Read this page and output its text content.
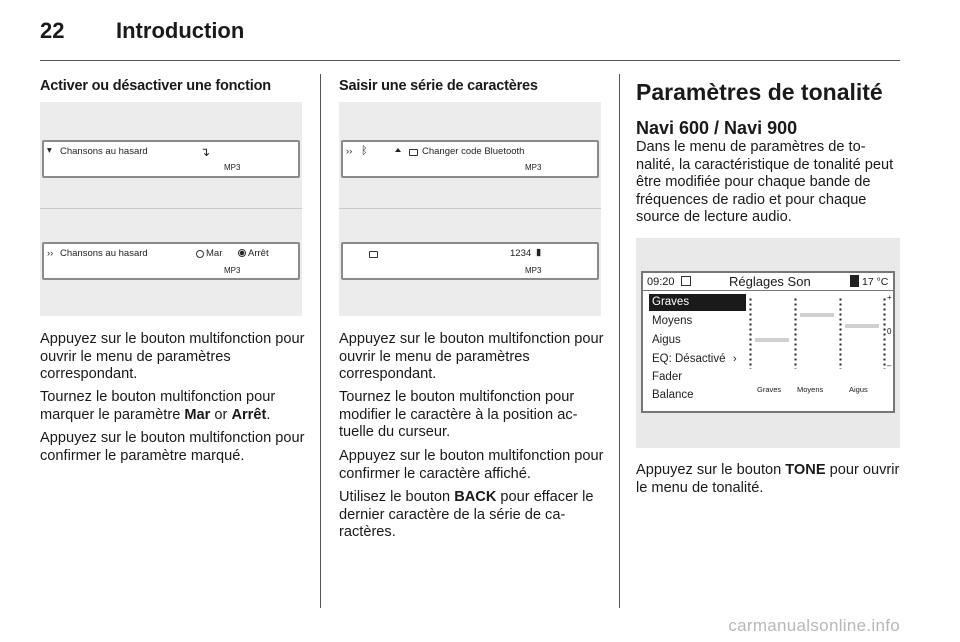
22 Introduction
Activer ou désactiver une fonction
▾ Chansons au hasard	↴
MP3
›› Chansons au hasard	Mar	Arrêt
MP3
Appuyez sur le bouton multifonction pour ouvrir le menu de paramètres correspondant.
Tournez le bouton multifonction pour marquer le paramètre Mar or Arrêt.
Appuyez sur le bouton multifonction pour confirmer le paramètre marqué.
Saisir une série de caractères
›› ᛒ	Changer code Bluetooth
MP3
1234 ▮
MP3
Appuyez sur le bouton multifonction pour ouvrir le menu de paramètres correspondant.
Tournez le bouton multifonction pour modifier le caractère à la position ac-tuelle du curseur.
Appuyez sur le bouton multifonction pour confirmer le caractère affiché.
Utilisez le bouton BACK pour effacer le dernier caractère de la série de ca-ractères.
Paramètres de tonalité
Navi 600 / Navi 900
Dans le menu de paramètres de to-nalité, la caractéristique de tonalité peut être modifiée pour chaque bande de fréquences de radio et pour chaque source de lecture audio.
09:20	Réglages Son	17 °C
Graves
Moyens
Aigus
EQ: Désactivé ›
Fader
Balance
+
0
–
Graves Moyens	Aigus
Appuyez sur le bouton TONE pour ouvrir le menu de tonalité.
carmanualsonline.info
